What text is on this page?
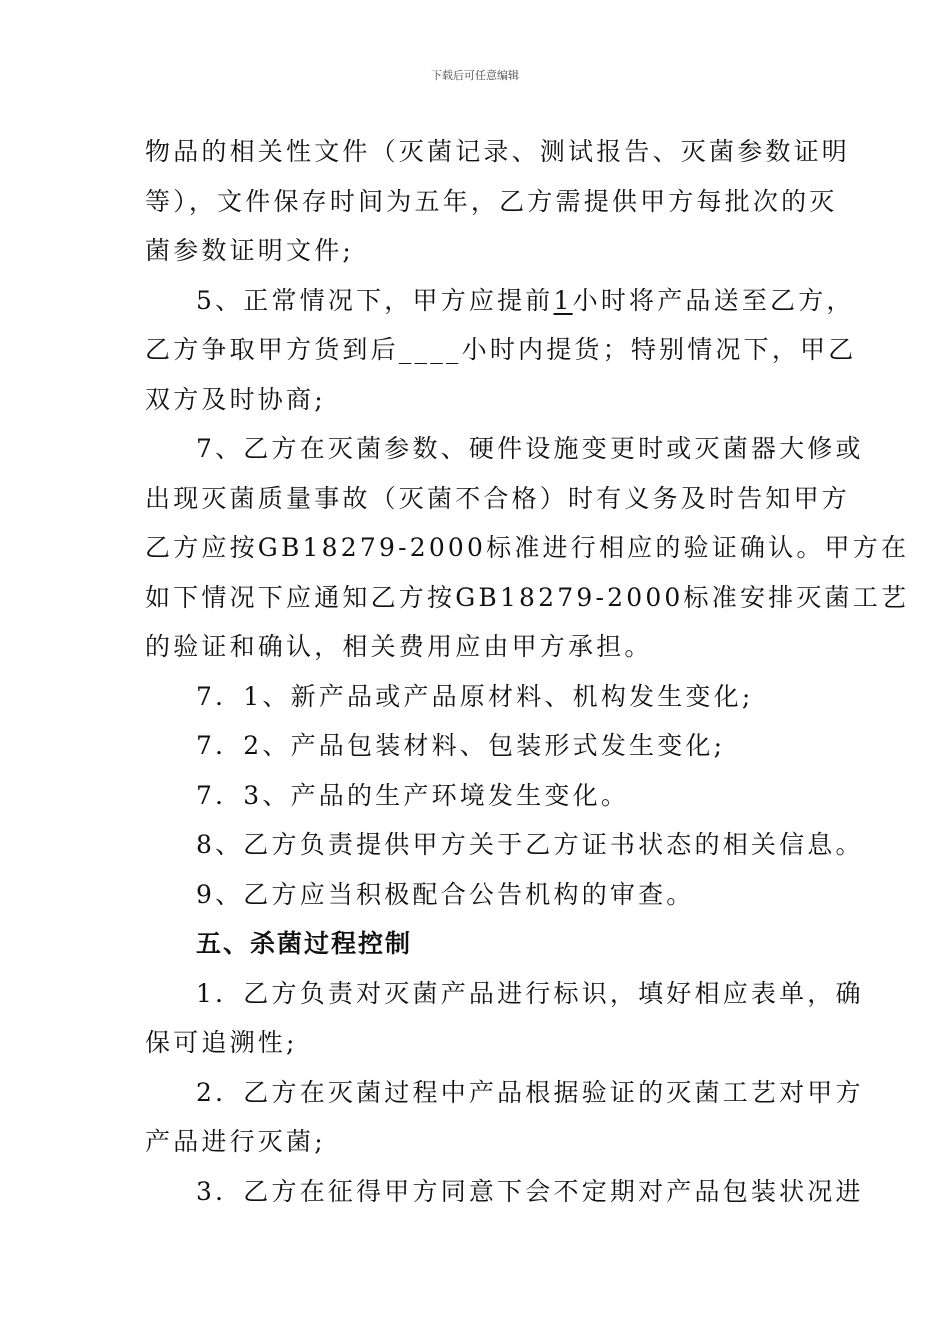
下载后可任意编辑
物品的相关性文件（灭菌记录、测试报告、灭菌参数证明
等），文件保存时间为五年，乙方需提供甲方每批次的灭
菌参数证明文件;
5、正常情况下，甲方应提前1小时将产品送至乙方，
乙方争取甲方货到后____小时内提货；特别情况下，甲乙
双方及时协商;
7、乙方在灭菌参数、硬件设施变更时或灭菌器大修或
出现灭菌质量事故（灭菌不合格）时有义务及时告知甲方
乙方应按GB18279-2000标准进行相应的验证确认。甲方在
如下情况下应通知乙方按GB18279-2000标准安排灭菌工艺
的验证和确认，相关费用应由甲方承担。
7．1、新产品或产品原材料、机构发生变化;
7．2、产品包装材料、包装形式发生变化;
7．3、产品的生产环境发生变化。
8、乙方负责提供甲方关于乙方证书状态的相关信息。
9、乙方应当积极配合公告机构的审查。
五、杀菌过程控制
1．乙方负责对灭菌产品进行标识，填好相应表单，确
保可追溯性;
2．乙方在灭菌过程中产品根据验证的灭菌工艺对甲方
产品进行灭菌;
3．乙方在征得甲方同意下会不定期对产品包装状况进
